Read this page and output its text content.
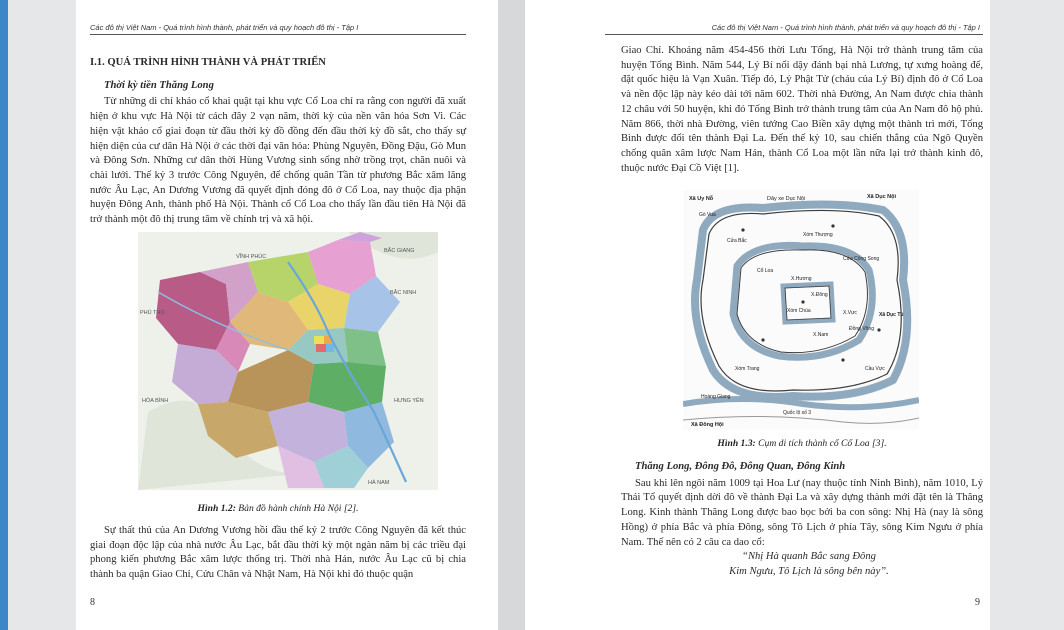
Các đô thị Việt Nam - Quá trình hình thành, phát triển và quy hoạch đô thị - Tập I
I.1. QUÁ TRÌNH HÌNH THÀNH VÀ PHÁT TRIỂN
Thời kỳ tiền Thăng Long

Từ những di chỉ khảo cổ khai quật tại khu vực Cổ Loa chỉ ra rằng con người đã xuất hiện ở khu vực Hà Nội từ cách đây 2 vạn năm, thời kỳ của nền văn hóa Sơn Vi. Các hiện vật khảo cổ giai đoạn từ đầu thời kỳ đồ đồng đến đầu thời kỳ đồ sắt, cho thấy sự hiện diện của cư dân Hà Nội ở các thời đại văn hóa: Phùng Nguyên, Đồng Đậu, Gò Mun và Đông Sơn. Những cư dân thời Hùng Vương sinh sống nhờ trồng trọt, chăn nuôi và chài lưới. Thế kỷ 3 trước Công Nguyên, để chống quân Tần từ phương Bắc xâm lăng nước Âu Lạc, An Dương Vương đã quyết định đóng đô ở Cổ Loa, nay thuộc địa phận huyện Đông Anh, thành phố Hà Nội. Thành cổ Cổ Loa cho thấy lần đầu tiên Hà Nội đã trở thành một đô thị trung tâm về chính trị và xã hội.

VĨNH PHÚC
BẮC GIANG
BẮC NINH
PHÚ THỌ
HÒA BÌNH	HƯNG YÊN
HÀ NAM
Hình 1.2: Bản đồ hành chính Hà Nội [2].

Sự thất thủ của An Dương Vương hồi đầu thế kỷ 2 trước Công Nguyên đã kết thúc giai đoạn độc lập của nhà nước Âu Lạc, bắt đầu thời kỳ một ngàn năm bị các triều đại phong kiến phương Bắc xâm lược thống trị. Thời nhà Hán, nước Âu Lạc cũ bị chia thành ba quận Giao Chỉ, Cửu Chân và Nhật Nam, Hà Nội khi đó thuộc quận

8
Các đô thị Việt Nam - Quá trình hình thành, phát triển và quy hoạch đô thị - Tập I

Giao Chỉ. Khoảng năm 454-456 thời Lưu Tống, Hà Nội trở thành trung tâm của huyện Tống Bình. Năm 544, Lý Bí nổi dậy đánh bại nhà Lương, tự xưng hoàng đế, đặt quốc hiệu là Vạn Xuân. Tiếp đó, Lý Phật Tử (cháu của Lý Bí) định đô ở Cổ Loa và nền độc lập này kéo dài tới năm 602. Thời nhà Đường, An Nam được chia thành 12 châu với 50 huyện, khi đó Tống Bình trở thành trung tâm của An Nam đô hộ phủ. Năm 866, thời nhà Đường, viên tướng Cao Biền xây dựng một thành trì mới, Tống Bình được đổi tên thành Đại La. Đến thế kỷ 10, sau chiến thắng của Ngô Quyền chống quân xâm lược Nam Hán, thành Cổ Loa một lần nữa lại trở thành kinh đô, thuộc nước Đại Cồ Việt [1].

Xã Uy Nỗ	Dây xe Dục Nội	Xã Dục Nội
Gò Vua
Xóm Thượng
Cửa Bắc
Cổ Loa
Cửa Cống Song
X.Hương
X.Đông
Xóm Chùa
X.Nam
X.Vực
Đồng Vông
Xã Dục Tú
Cầu Vực
Xóm Trang
Hoàng Giang
Quốc lộ số 3
Xã Đông Hội
Hình 1.3: Cụm di tích thành cổ Cổ Loa [3].
Thăng Long, Đông Đô, Đông Quan, Đông Kinh

Sau khi lên ngôi năm 1009 tại Hoa Lư (nay thuộc tỉnh Ninh Bình), năm 1010, Lý Thái Tổ quyết định dời đô về thành Đại La và xây dựng thành mới đặt tên là Thăng Long. Kinh thành Thăng Long được bao bọc bởi ba con sông: Nhị Hà (nay là sông Hồng) ở phía Bắc và phía Đông, sông Tô Lịch ở phía Tây, sông Kim Ngưu ở phía Nam. Thế nên có 2 câu ca dao cổ:

“Nhị Hà quanh Bắc sang Đông

Kim Ngưu, Tô Lịch là sông bên này”.

9
